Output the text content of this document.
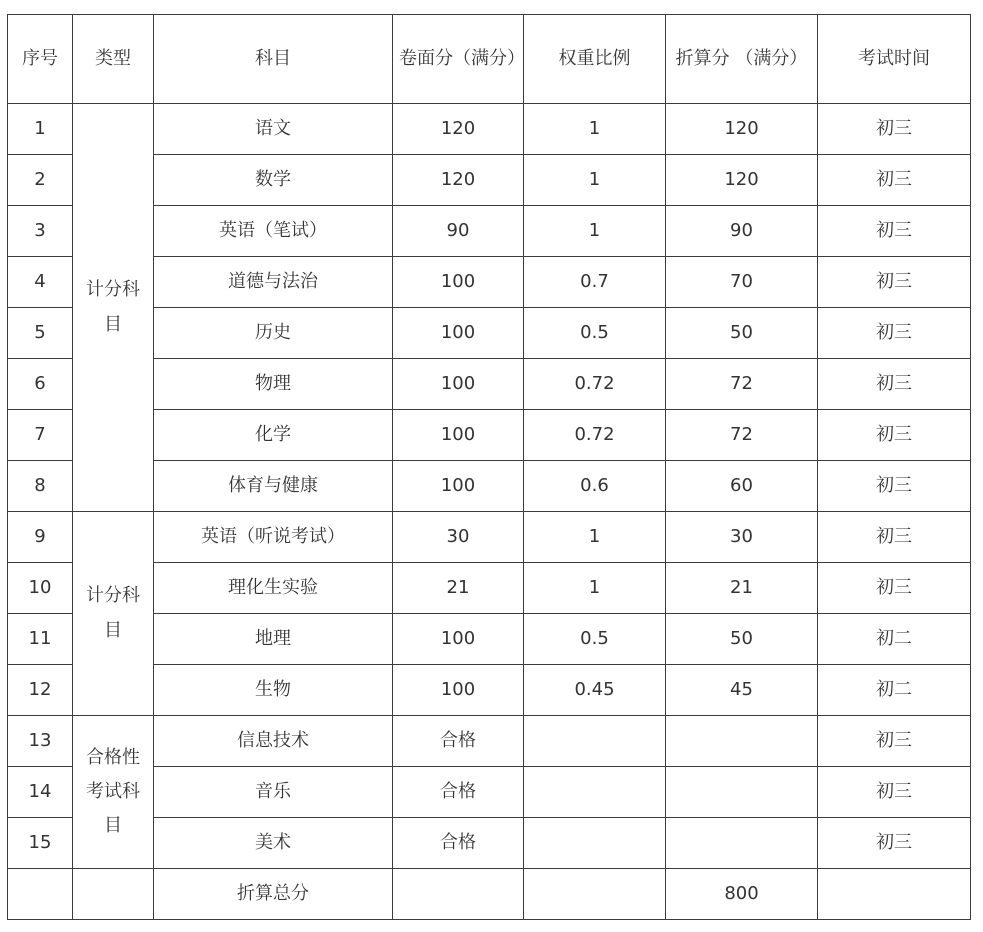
序号	类型	科目	卷面分（满分）	权重比例	折算分 （满分）	考试时间
1	计分科目	语文	120	1	120	初三
2		数学	120	1	120	初三
3		英语（笔试）	90	1	90	初三
4		道德与法治	100	0.7	70	初三
5		历史	100	0.5	50	初三
6		物理	100	0.72	72	初三
7		化学	100	0.72	72	初三
8		体育与健康	100	0.6	60	初三
9	计分科目	英语（听说考试）	30	1	30	初三
10		理化生实验	21	1	21	初三
11		地理	100	0.5	50	初二
12		生物	100	0.45	45	初二
13	合格性考试科目	信息技术	合格			初三
14		音乐	合格			初三
15		美术	合格			初三
		折算总分			800	
